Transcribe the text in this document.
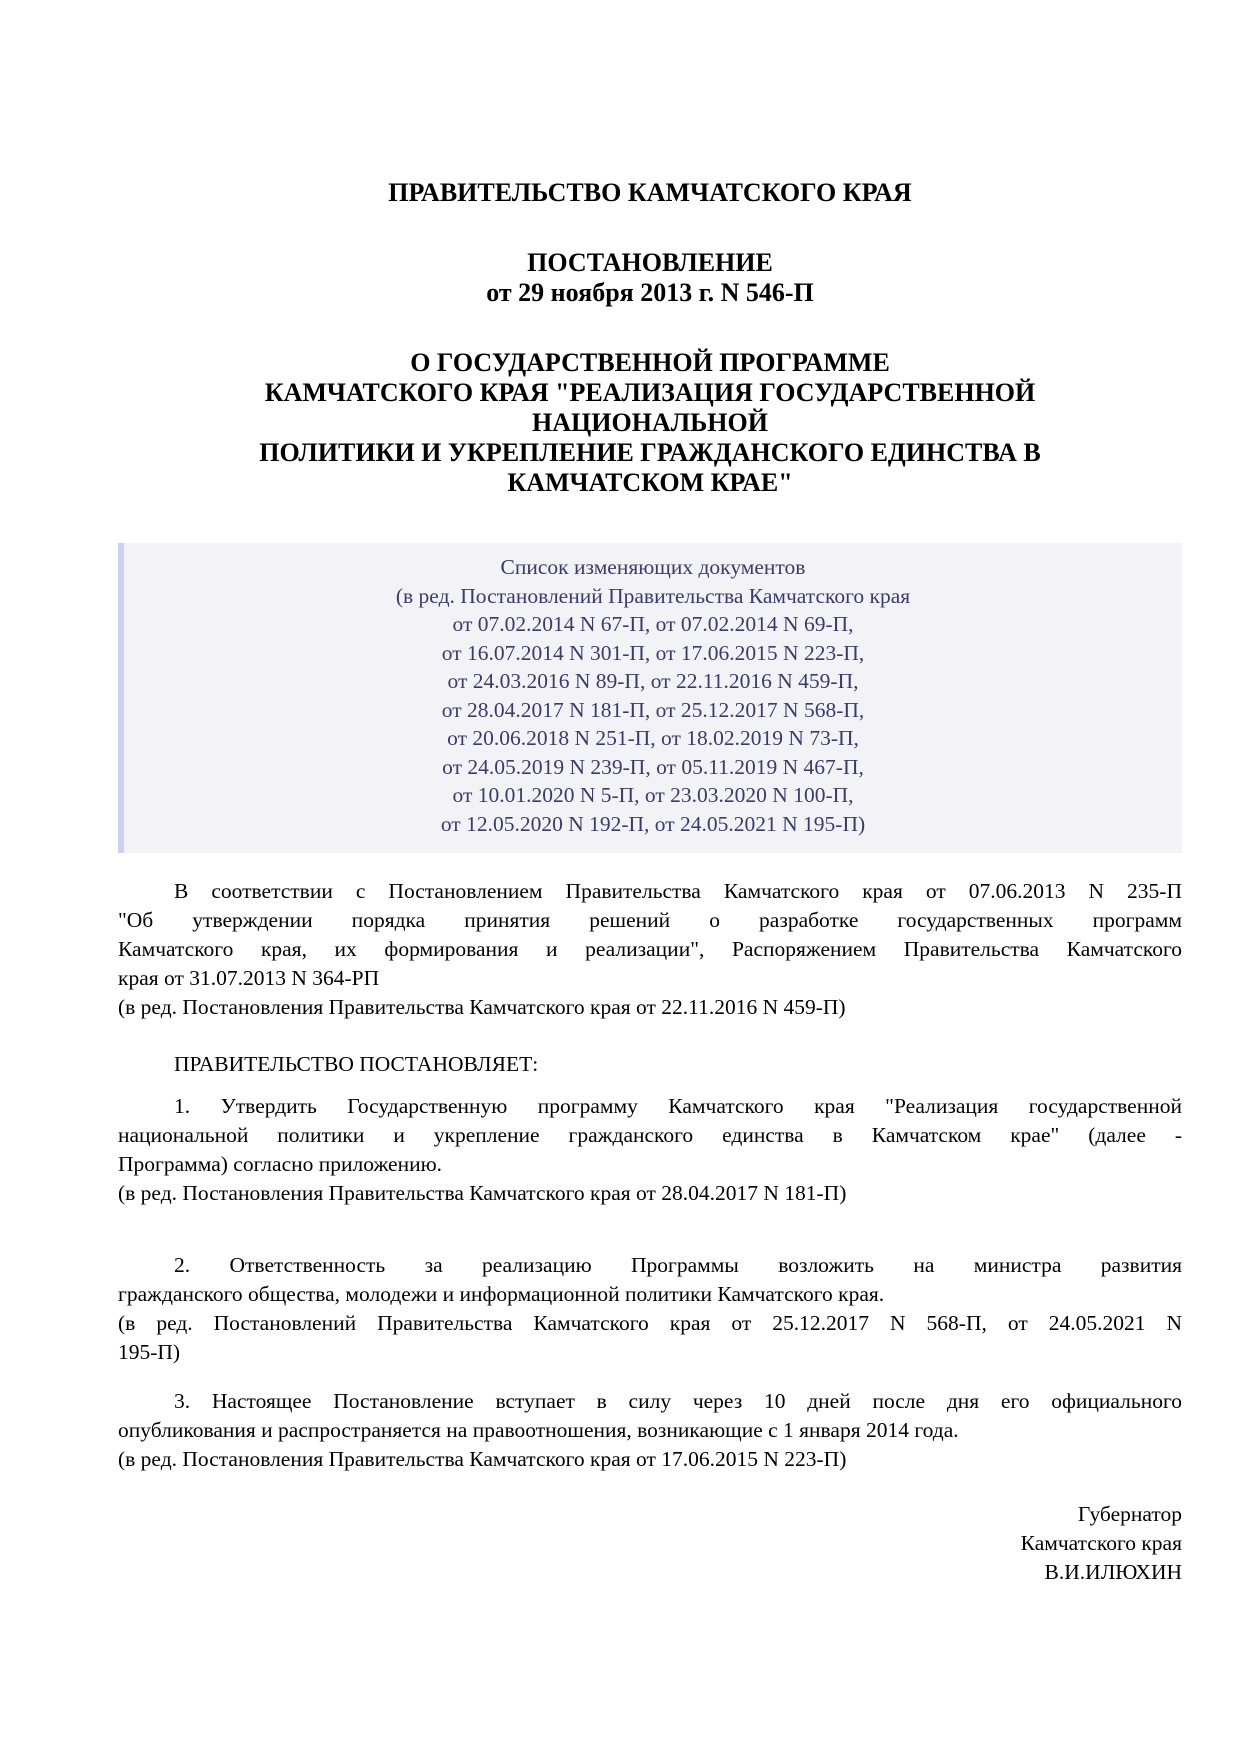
ПРАВИТЕЛЬСТВО КАМЧАТСКОГО КРАЯ
ПОСТАНОВЛЕНИЕ
от 29 ноября 2013 г. N 546-П
О ГОСУДАРСТВЕННОЙ ПРОГРАММЕ
КАМЧАТСКОГО КРАЯ "РЕАЛИЗАЦИЯ ГОСУДАРСТВЕННОЙ
НАЦИОНАЛЬНОЙ
ПОЛИТИКИ И УКРЕПЛЕНИЕ ГРАЖДАНСКОГО ЕДИНСТВА В
КАМЧАТСКОМ КРАЕ"
Список изменяющих документов
(в ред. Постановлений Правительства Камчатского края
от 07.02.2014 N 67-П, от 07.02.2014 N 69-П,
от 16.07.2014 N 301-П, от 17.06.2015 N 223-П,
от 24.03.2016 N 89-П, от 22.11.2016 N 459-П,
от 28.04.2017 N 181-П, от 25.12.2017 N 568-П,
от 20.06.2018 N 251-П, от 18.02.2019 N 73-П,
от 24.05.2019 N 239-П, от 05.11.2019 N 467-П,
от 10.01.2020 N 5-П, от 23.03.2020 N 100-П,
от 12.05.2020 N 192-П, от 24.05.2021 N 195-П)
В соответствии с Постановлением Правительства Камчатского края от 07.06.2013 N 235-П
"Об утверждении порядка принятия решений о разработке государственных программ
Камчатского края, их формирования и реализации", Распоряжением Правительства Камчатского
края от 31.07.2013 N 364-РП
(в ред. Постановления Правительства Камчатского края от 22.11.2016 N 459-П)
ПРАВИТЕЛЬСТВО ПОСТАНОВЛЯЕТ:
1. Утвердить Государственную программу Камчатского края "Реализация государственной
национальной политики и укрепление гражданского единства в Камчатском крае" (далее -
Программа) согласно приложению.
(в ред. Постановления Правительства Камчатского края от 28.04.2017 N 181-П)
2. Ответственность за реализацию Программы возложить на министра развития
гражданского общества, молодежи и информационной политики Камчатского края.
(в ред. Постановлений Правительства Камчатского края от 25.12.2017 N 568-П, от 24.05.2021 N
195-П)
3. Настоящее Постановление вступает в силу через 10 дней после дня его официального
опубликования и распространяется на правоотношения, возникающие с 1 января 2014 года.
(в ред. Постановления Правительства Камчатского края от 17.06.2015 N 223-П)
Губернатор
Камчатского края
В.И.ИЛЮХИН
